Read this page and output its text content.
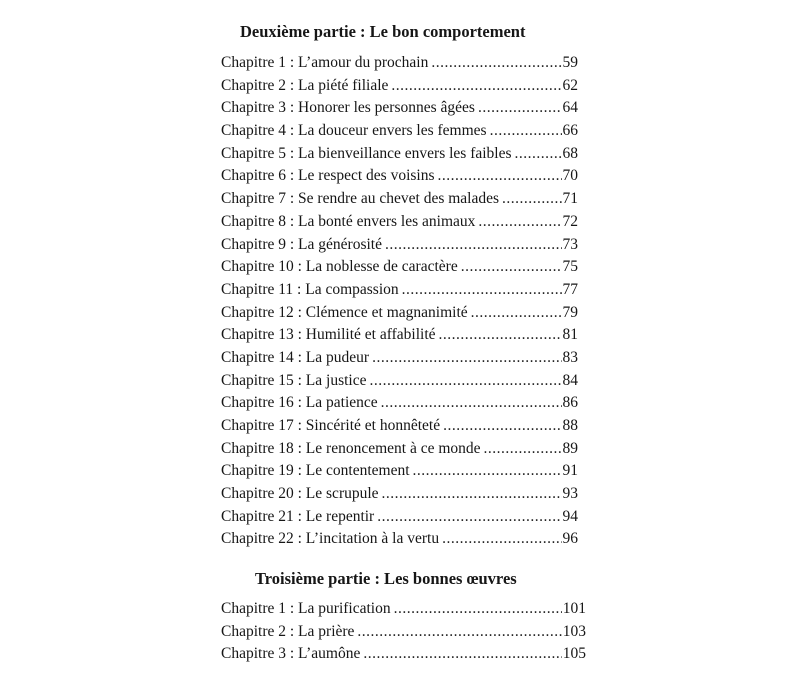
Deuxième partie : Le bon comportement
Chapitre 1 : L’amour du prochain .....	59
Chapitre 2 : La piété filiale .....	62
Chapitre 3 : Honorer les personnes âgées .....	64
Chapitre 4 : La douceur envers les femmes .....	66
Chapitre 5 : La bienveillance envers les faibles .....	68
Chapitre 6 : Le respect des voisins .....	70
Chapitre 7 : Se rendre au chevet des malades .....	71
Chapitre 8 : La bonté envers les animaux .....	72
Chapitre 9 : La générosité .....	73
Chapitre 10 : La noblesse de caractère .....	75
Chapitre 11 : La compassion .....	77
Chapitre 12 : Clémence et magnanimité .....	79
Chapitre 13 : Humilité et affabilité .....	81
Chapitre 14 : La pudeur .....	83
Chapitre 15 : La justice .....	84
Chapitre 16 : La patience .....	86
Chapitre 17 : Sincérité et honnêteté .....	88
Chapitre 18 : Le renoncement à ce monde .....	89
Chapitre 19 : Le contentement .....	91
Chapitre 20 : Le scrupule .....	93
Chapitre 21 : Le repentir .....	94
Chapitre 22 : L’incitation à la vertu .....	96
Troisième partie : Les bonnes œuvres
Chapitre 1 : La purification .....	101
Chapitre 2 : La prière .....	103
Chapitre 3 : L’aumône .....	105
